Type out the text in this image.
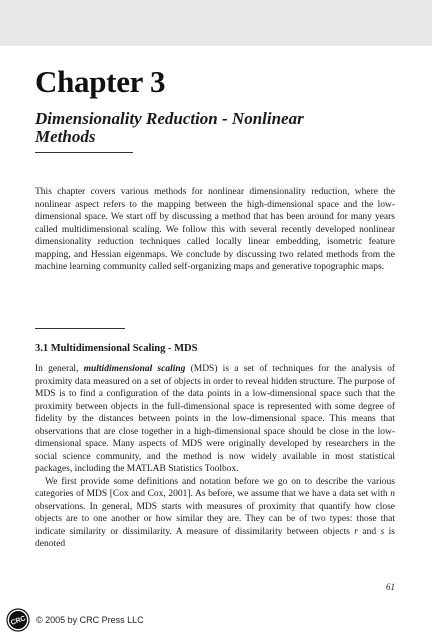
Chapter 3
Dimensionality Reduction - Nonlinear Methods

This chapter covers various methods for nonlinear dimensionality reduction, where the nonlinear aspect refers to the mapping between the high-dimensional space and the low-dimensional space. We start off by discussing a method that has been around for many years called multidimensional scaling. We follow this with several recently developed nonlinear dimensionality reduction techniques called locally linear embedding, isometric feature mapping, and Hessian eigenmaps. We conclude by discussing two related methods from the machine learning community called self-organizing maps and generative topographic maps.

3.1 Multidimensional Scaling - MDS

In general, multidimensional scaling (MDS) is a set of techniques for the analysis of proximity data measured on a set of objects in order to reveal hidden structure. The purpose of MDS is to find a configuration of the data points in a low-dimensional space such that the proximity between objects in the full-dimensional space is represented with some degree of fidelity by the distances between points in the low-dimensional space. This means that observations that are close together in a high-dimensional space should be close in the low-dimensional space. Many aspects of MDS were originally developed by researchers in the social science community, and the method is now widely available in most statistical packages, including the MATLAB Statistics Toolbox.

We first provide some definitions and notation before we go on to describe the various categories of MDS [Cox and Cox, 2001]. As before, we assume that we have a data set with n observations. In general, MDS starts with measures of proximity that quantify how close objects are to one another or how similar they are. They can be of two types: those that indicate similarity or dissimilarity. A measure of dissimilarity between objects r and s is denoted

61
CRC © 2005 by CRC Press LLC
